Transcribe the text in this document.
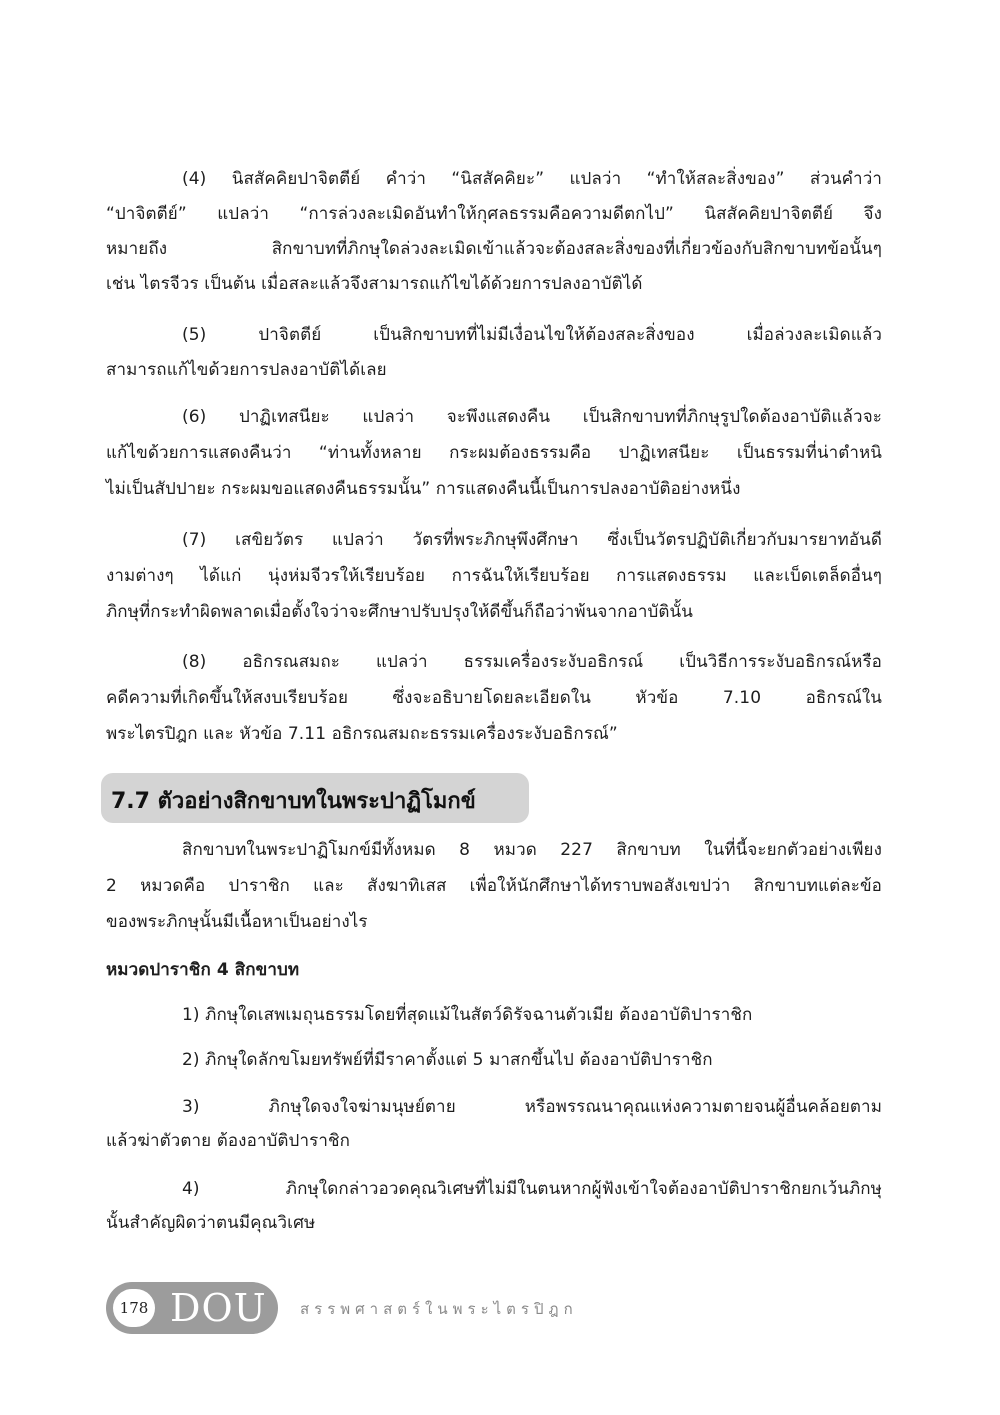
(4) นิสสัคคิยปาจิตตีย์ คำว่า “นิสสัคคิยะ” แปลว่า “ทำให้สละสิ่งของ” ส่วนคำว่า
“ปาจิตตีย์” แปลว่า “การล่วงละเมิดอันทำให้กุศลธรรมคือความดีตกไป” นิสสัคคิยปาจิตตีย์ จึง
หมายถึง สิกขาบทที่ภิกษุใดล่วงละเมิดเข้าแล้วจะต้องสละสิ่งของที่เกี่ยวข้องกับสิกขาบทข้อนั้นๆ
เช่น ไตรจีวร เป็นต้น เมื่อสละแล้วจึงสามารถแก้ไขได้ด้วยการปลงอาบัติได้
(5) ปาจิตตีย์ เป็นสิกขาบทที่ไม่มีเงื่อนไขให้ต้องสละสิ่งของ เมื่อล่วงละเมิดแล้ว
สามารถแก้ไขด้วยการปลงอาบัติได้เลย
(6) ปาฏิเทสนียะ แปลว่า จะพึงแสดงคืน เป็นสิกขาบทที่ภิกษุรูปใดต้องอาบัติแล้วจะ
แก้ไขด้วยการแสดงคืนว่า “ท่านทั้งหลาย กระผมต้องธรรมคือ ปาฏิเทสนียะ เป็นธรรมที่น่าตำหนิ
ไม่เป็นสัปปายะ กระผมขอแสดงคืนธรรมนั้น” การแสดงคืนนี้เป็นการปลงอาบัติอย่างหนึ่ง
(7) เสขิยวัตร แปลว่า วัตรที่พระภิกษุพึงศึกษา ซึ่งเป็นวัตรปฏิบัติเกี่ยวกับมารยาทอันดี
งามต่างๆ ได้แก่ นุ่งห่มจีวรให้เรียบร้อย การฉันให้เรียบร้อย การแสดงธรรม และเบ็ดเตล็ดอื่นๆ
ภิกษุที่กระทำผิดพลาดเมื่อตั้งใจว่าจะศึกษาปรับปรุงให้ดีขึ้นก็ถือว่าพ้นจากอาบัตินั้น
(8) อธิกรณสมถะ แปลว่า ธรรมเครื่องระงับอธิกรณ์ เป็นวิธีการระงับอธิกรณ์หรือ
คดีความที่เกิดขึ้นให้สงบเรียบร้อย ซึ่งจะอธิบายโดยละเอียดใน หัวข้อ 7.10 อธิกรณ์ใน
พระไตรปิฎก และ หัวข้อ 7.11 อธิกรณสมถะธรรมเครื่องระงับอธิกรณ์”
7.7 ตัวอย่างสิกขาบทในพระปาฏิโมกข์
สิกขาบทในพระปาฏิโมกข์มีทั้งหมด 8 หมวด 227 สิกขาบท ในที่นี้จะยกตัวอย่างเพียง
2 หมวดคือ ปาราชิก และ สังฆาทิเสส เพื่อให้นักศึกษาได้ทราบพอสังเขปว่า สิกขาบทแต่ละข้อ
ของพระภิกษุนั้นมีเนื้อหาเป็นอย่างไร
หมวดปาราชิก 4 สิกขาบท
1) ภิกษุใดเสพเมถุนธรรมโดยที่สุดแม้ในสัตว์ดิรัจฉานตัวเมีย ต้องอาบัติปาราชิก
2) ภิกษุใดลักขโมยทรัพย์ที่มีราคาตั้งแต่ 5 มาสกขึ้นไป ต้องอาบัติปาราชิก
3) ภิกษุใดจงใจฆ่ามนุษย์ตาย หรือพรรณนาคุณแห่งความตายจนผู้อื่นคล้อยตาม
แล้วฆ่าตัวตาย ต้องอาบัติปาราชิก
4) ภิกษุใดกล่าวอวดคุณวิเศษที่ไม่มีในตนหากผู้ฟังเข้าใจต้องอาบัติปาราชิกยกเว้นภิกษุ
นั้นสำคัญผิดว่าตนมีคุณวิเศษ
178 DOU สรรพศาสตร์ในพระไตรปิฎก
